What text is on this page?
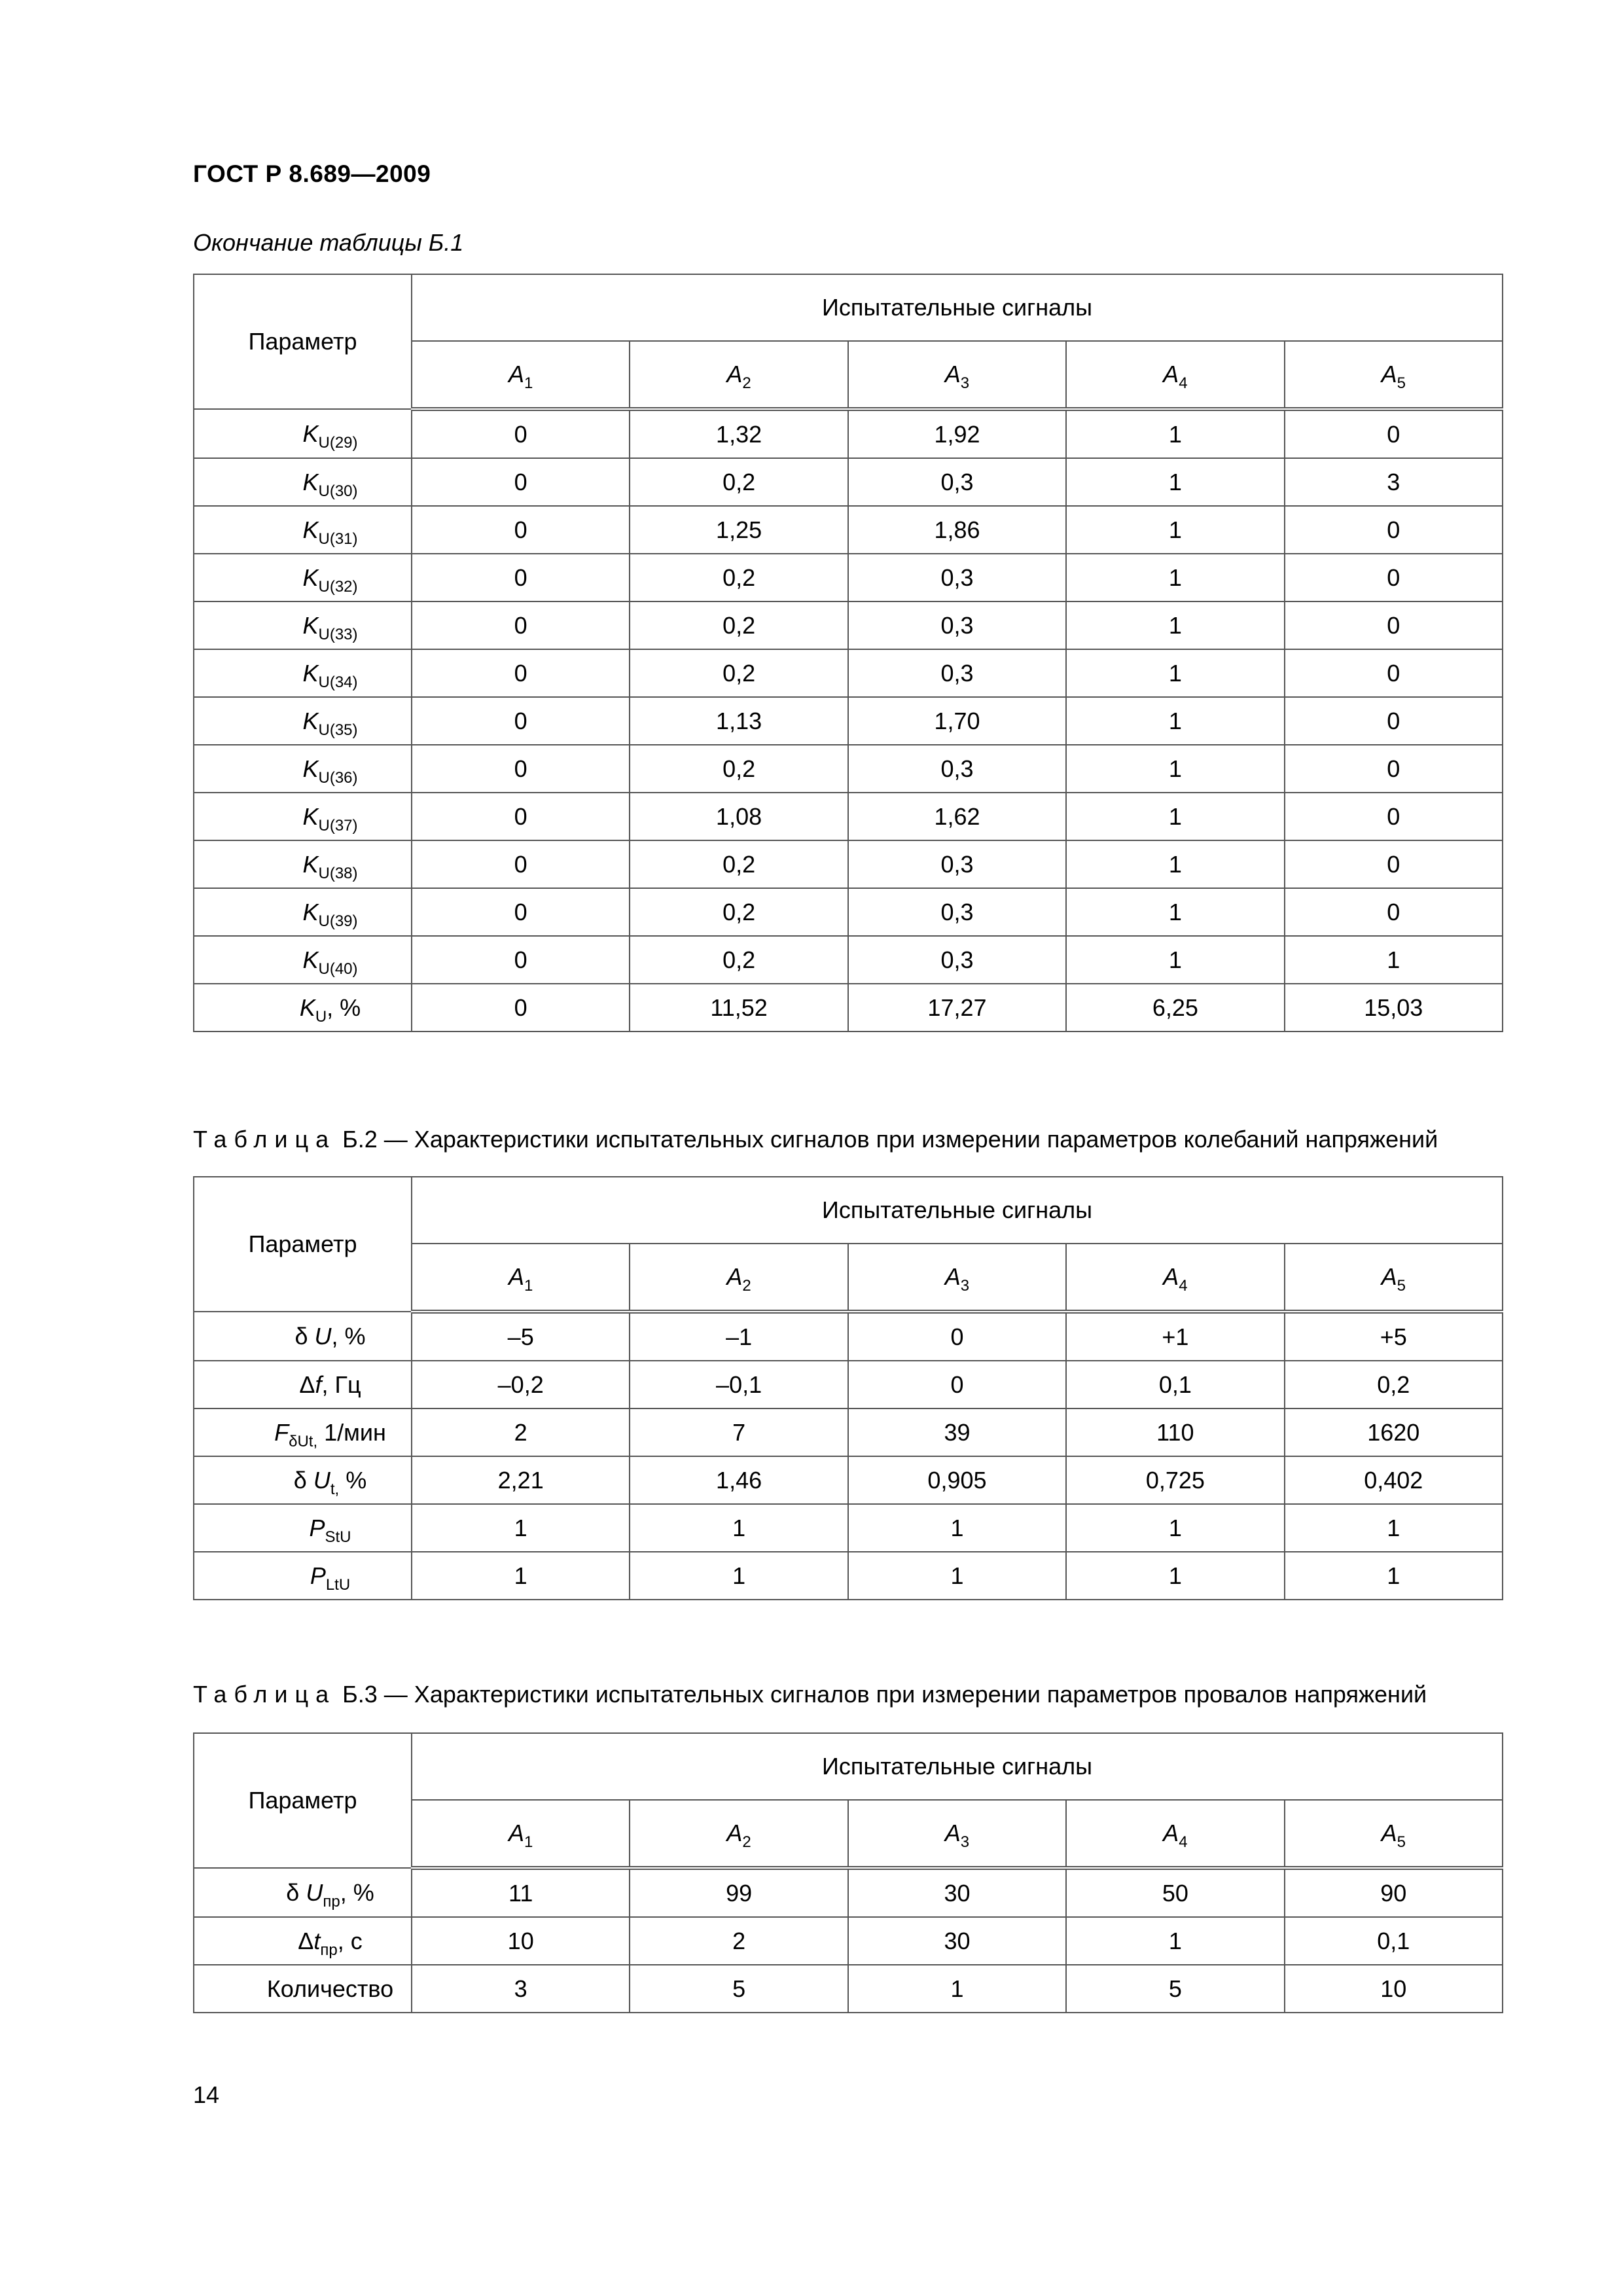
ГОСТ Р 8.689—2009
Окончание таблицы Б.1
Параметр	Испытательные сигналы				
	$A_1$	$A_2$	$A_3$	$A_4$	$A_5$
$K_{U(29)}$	0	1,32	1,92	1	0
$K_{U(30)}$	0	0,2	0,3	1	3
$K_{U(31)}$	0	1,25	1,86	1	0
$K_{U(32)}$	0	0,2	0,3	1	0
$K_{U(33)}$	0	0,2	0,3	1	0
$K_{U(34)}$	0	0,2	0,3	1	0
$K_{U(35)}$	0	1,13	1,70	1	0
$K_{U(36)}$	0	0,2	0,3	1	0
$K_{U(37)}$	0	1,08	1,62	1	0
$K_{U(38)}$	0	0,2	0,3	1	0
$K_{U(39)}$	0	0,2	0,3	1	0
$K_{U(40)}$	0	0,2	0,3	1	1
$K_U$, %	0	11,52	17,27	6,25	15,03
Таблица Б.2 — Характеристики испытательных сигналов при измерении параметров колебаний напряжений
Параметр	Испытательные сигналы				
	$A_1$	$A_2$	$A_3$	$A_4$	$A_5$
δ U, %	–5	–1	0	+1	+5
Δf, Гц	–0,2	–0,1	0	0,1	0,2
$F_{\delta Ut,}$ 1/мин	2	7	39	110	1620
δ $U_{t,}$ %	2,21	1,46	0,905	0,725	0,402
$P_{StU}$	1	1	1	1	1
$P_{LtU}$	1	1	1	1	1
Таблица Б.3 — Характеристики испытательных сигналов при измерении параметров провалов напряжений
Параметр	Испытательные сигналы				
	$A_1$	$A_2$	$A_3$	$A_4$	$A_5$
δ $U_{пр}$, %	11	99	30	50	90
$\Delta t_{пр}$, с	10	2	30	1	0,1
Количество	3	5	1	5	10
14
